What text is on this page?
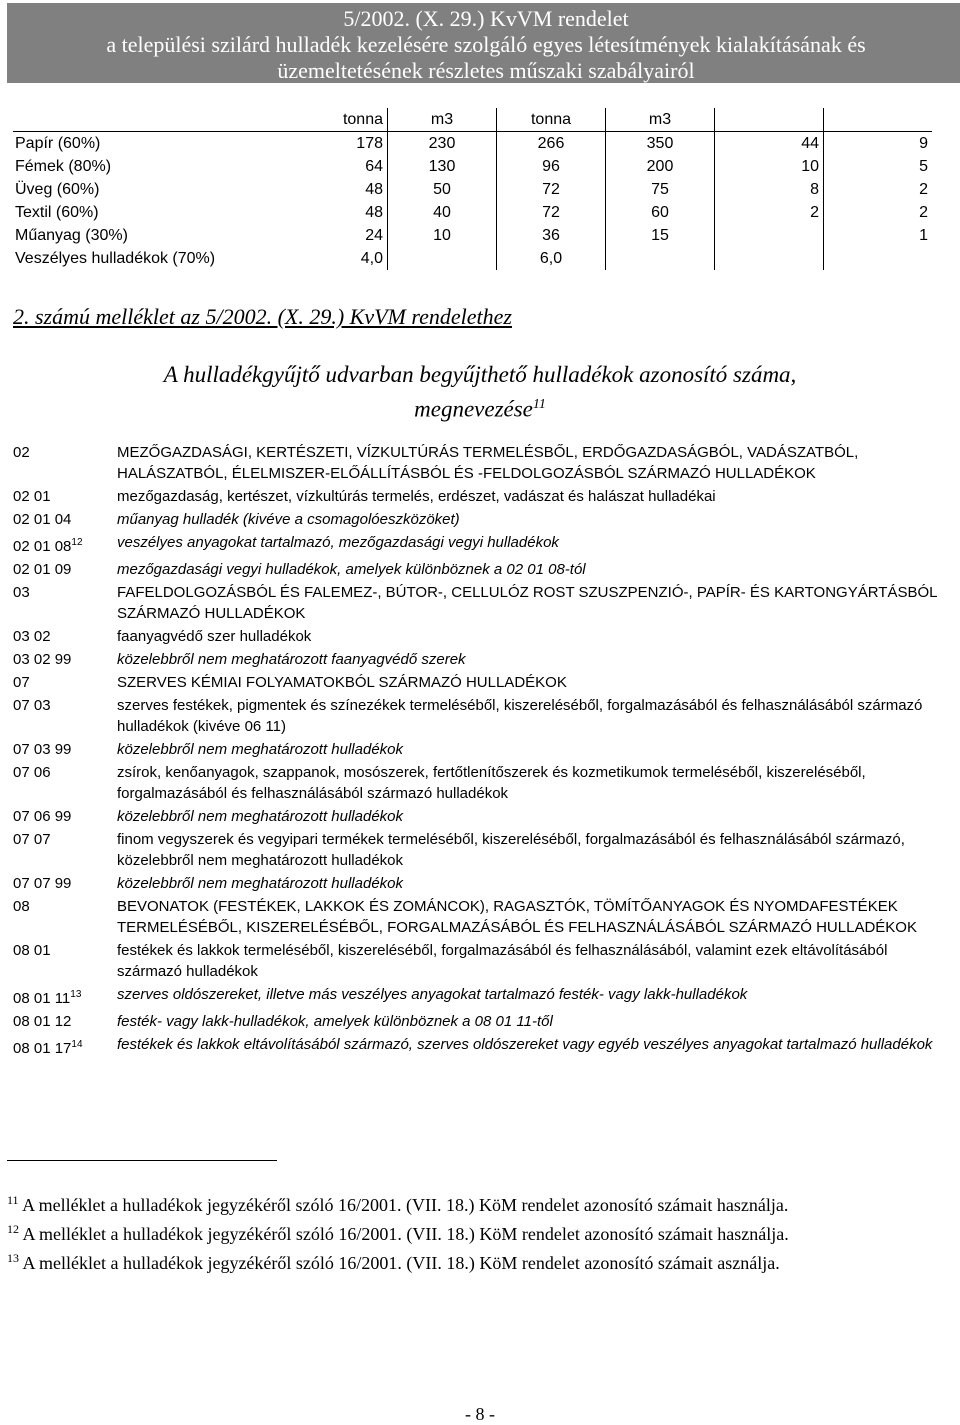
5/2002. (X. 29.) KvVM rendelet
a települési szilárd hulladék kezelésére szolgáló egyes létesítmények kialakításának és
üzemeltetésének részletes műszaki szabályairól
	tonna	m3	tonna	m3		
Papír (60%)	178	230	266	350	44	9
Fémek (80%)	64	130	96	200	10	5
Üveg (60%)	48	50	72	75	8	2
Textil (60%)	48	40	72	60	2	2
Műanyag (30%)	24	10	36	15		1
Veszélyes hulladékok (70%)	4,0		6,0			
2. számú melléklet az 5/2002. (X. 29.) KvVM rendelethez
A hulladékgyűjtő udvarban begyűjthető hulladékok azonosító száma,
megnevezése$^{11}$
02	MEZŐGAZDASÁGI, KERTÉSZETI, VÍZKULTÚRÁS TERMELÉSBŐL, ERDŐGAZDASÁGBÓL, VADÁSZATBÓL, HALÁSZATBÓL, ÉLELMISZER-ELŐÁLLÍTÁSBÓL ÉS -FELDOLGOZÁSBÓL SZÁRMAZÓ HULLADÉKOK
02 01	mezőgazdaság, kertészet, vízkultúrás termelés, erdészet, vadászat és halászat hulladékai
02 01 04	műanyag hulladék (kivéve a csomagolóeszközöket)
02 01 $08^{12}$	veszélyes anyagokat tartalmazó, mezőgazdasági vegyi hulladékok
02 01 09	mezőgazdasági vegyi hulladékok, amelyek különböznek a 02 01 08-tól
03	FAFELDOLGOZÁSBÓL ÉS FALEMEZ-, BÚTOR-, CELLULÓZ ROST SZUSZPENZIÓ-, PAPÍR- ÉS KARTONGYÁRTÁSBÓL SZÁRMAZÓ HULLADÉKOK
03 02	faanyagvédő szer hulladékok
03 02 99	közelebbről nem meghatározott faanyagvédő szerek
07	SZERVES KÉMIAI FOLYAMATOKBÓL SZÁRMAZÓ HULLADÉKOK
07 03	szerves festékek, pigmentek és színezékek termeléséből, kiszereléséből, forgalmazásából és felhasználásából származó hulladékok (kivéve 06 11)
07 03 99	közelebbről nem meghatározott hulladékok
07 06	zsírok, kenőanyagok, szappanok, mosószerek, fertőtlenítőszerek és kozmetikumok termeléséből, kiszereléséből, forgalmazásából és felhasználásából származó hulladékok
07 06 99	közelebbről nem meghatározott hulladékok
07 07	finom vegyszerek és vegyipari termékek termeléséből, kiszereléséből, forgalmazásából és felhasználásából származó, közelebbről nem meghatározott hulladékok
07 07 99	közelebbről nem meghatározott hulladékok
08	BEVONATOK (FESTÉKEK, LAKKOK ÉS ZOMÁNCOK), RAGASZTÓK, TÖMÍTŐANYAGOK ÉS NYOMDAFESTÉKEK TERMELÉSÉBŐL, KISZERELÉSÉBŐL, FORGALMAZÁSÁBÓL ÉS FELHASZNÁLÁSÁBÓL SZÁRMAZÓ HULLADÉKOK
08 01	festékek és lakkok termeléséből, kiszereléséből, forgalmazásából és felhasználásából, valamint ezek eltávolításából származó hulladékok
08 01 $11^{13}$	szerves oldószereket, illetve más veszélyes anyagokat tartalmazó festék- vagy lakk-hulladékok
08 01 12	festék- vagy lakk-hulladékok, amelyek különböznek a 08 01 11-től
08 01 $17^{14}$	festékek és lakkok eltávolításából származó, szerves oldószereket vagy egyéb veszélyes anyagokat tartalmazó hulladékok
$^{11}$ A melléklet a hulladékok jegyzékéről szóló 16/2001. (VII. 18.) KöM rendelet azonosító számait használja.
$^{12}$ A melléklet a hulladékok jegyzékéről szóló 16/2001. (VII. 18.) KöM rendelet azonosító számait használja.
$^{13}$ A melléklet a hulladékok jegyzékéről szóló 16/2001. (VII. 18.) KöM rendelet azonosító számait asználja.
- 8 -
